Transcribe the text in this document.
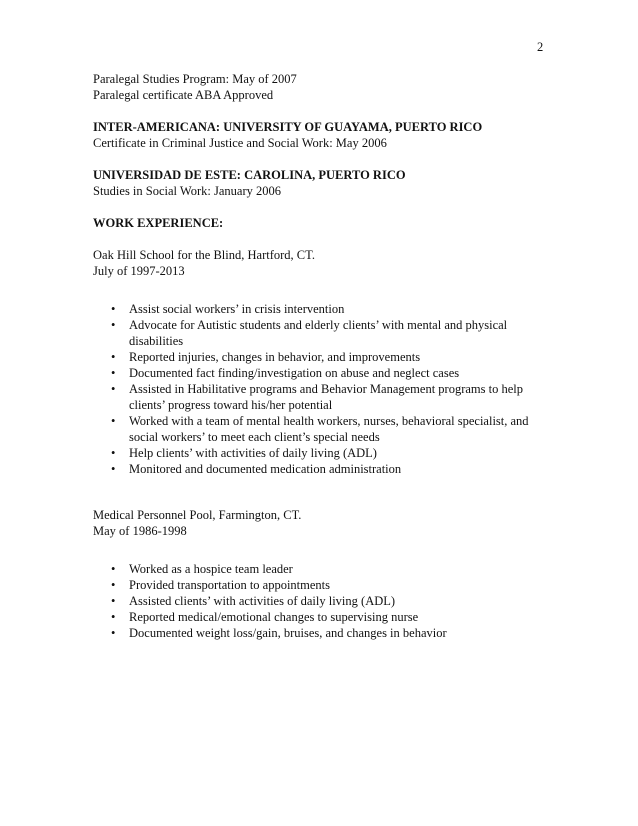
2
Paralegal Studies Program: May of 2007
Paralegal certificate ABA Approved
INTER-AMERICANA: UNIVERSITY OF GUAYAMA, PUERTO RICO
Certificate in Criminal Justice and Social Work: May 2006
UNIVERSIDAD DE ESTE: CAROLINA, PUERTO RICO
Studies in Social Work: January 2006
WORK EXPERIENCE:
Oak Hill School for the Blind, Hartford, CT.
July of 1997-2013
• Assist social workers’ in crisis intervention
• Advocate for Autistic students and elderly clients’ with mental and physical disabilities
• Reported injuries, changes in behavior, and improvements
• Documented fact finding/investigation on abuse and neglect cases
• Assisted in Habilitative programs and Behavior Management programs to help clients’ progress toward his/her potential
• Worked with a team of mental health workers, nurses, behavioral specialist, and social workers’ to meet each client’s special needs
• Help clients’ with activities of daily living (ADL)
• Monitored and documented medication administration
Medical Personnel Pool, Farmington, CT.
May of 1986-1998
• Worked as a hospice team leader
• Provided transportation to appointments
• Assisted clients’ with activities of daily living (ADL)
• Reported medical/emotional changes to supervising nurse
• Documented weight loss/gain, bruises, and changes in behavior
